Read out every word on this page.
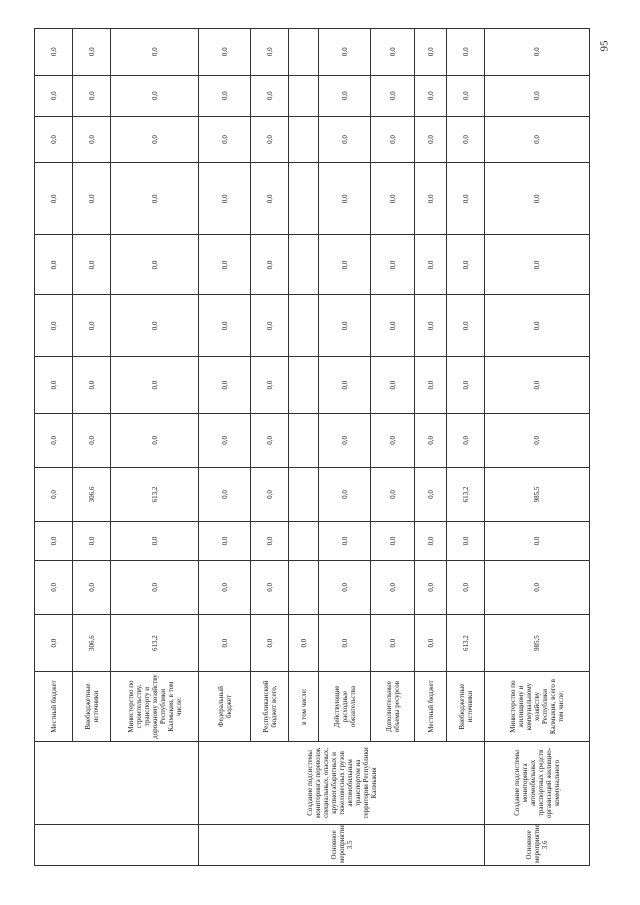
		Местный бюджет	0,0	0,0	0,0	0,0	0,0	0,0	0,0	0,0	0,0	0,0	0,0	0,0
		Внебюджетные источники	306,6	0,0	0,0	306,6	0,0	0,0	0,0	0,0	0,0	0,0	0,0	0,0
		Министерство по строительству, транспорту и дорожному хозяйству Республики Калмыкия, в том числе:	613,2	0,0	0,0	613,2	0,0	0,0	0,0	0,0	0,0	0,0	0,0	0,0
Основное мероприятие 3.5	Создание подсистемы мониторинга перевозок специальных, опасных, крупногабаритных и тяжеловесных грузов автомобильным транспортом на территории Республики Калмыкия	Федеральный бюджет	0,0	0,0	0,0	0,0	0,0	0,0	0,0	0,0	0,0	0,0	0,0	0,0
		Республиканский бюджет всего,	0,0	0,0	0,0	0,0	0,0	0,0	0,0	0,0	0,0	0,0	0,0	0,0
		в том числе:	0,0											
		Действующие расходные обязательства	0,0	0,0	0,0	0,0	0,0	0,0	0,0	0,0	0,0	0,0	0,0	0,0
		Дополнительные объемы ресурсов	0,0	0,0	0,0	0,0	0,0	0,0	0,0	0,0	0,0	0,0	0,0	0,0
		Местный бюджет	0,0	0,0	0,0	0,0	0,0	0,0	0,0	0,0	0,0	0,0	0,0	0,0
		Внебюджетные источники	613,2	0,0	0,0	613,2	0,0	0,0	0,0	0,0	0,0	0,0	0,0	0,0
Основное мероприятие 3.6	Создание подсистемы мониторинга автомобильных транспортных средств организаций жилищно-коммунального	Министерство по жилищному и коммунальному хозяйству Республики Калмыкия, всего в том числе:	985,5	0,0	0,0	985,5	0,0	0,0	0,0	0,0	0,0	0,0	0,0	0,0
95
